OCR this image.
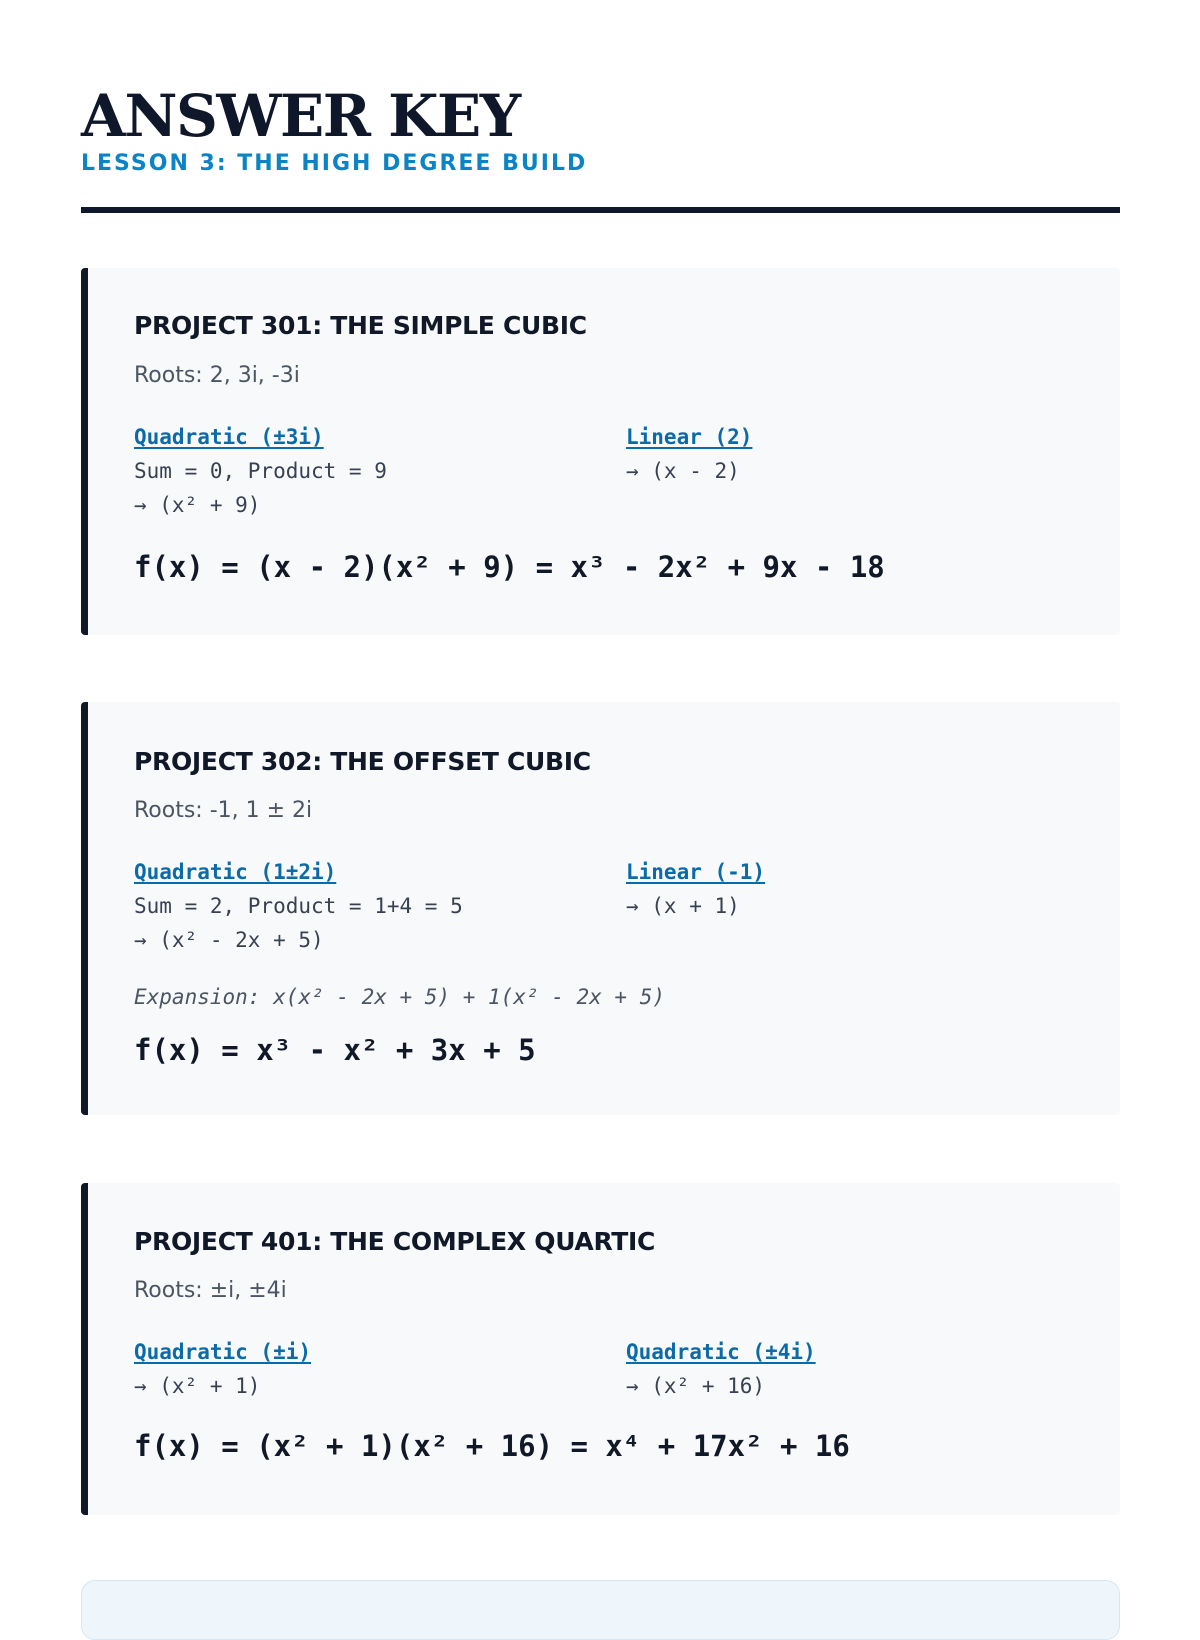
ANSWER KEY
LESSON 3: THE HIGH DEGREE BUILD
PROJECT 301: THE SIMPLE CUBIC
Roots: 2, 3i, -3i
Quadratic (±3i)
Sum = 0, Product = 9
→ (x² + 9)
Linear (2)
→ (x - 2)
f(x) = (x - 2)(x² + 9) = x³ - 2x² + 9x - 18
PROJECT 302: THE OFFSET CUBIC
Roots: -1, 1 ± 2i
Quadratic (1±2i)
Sum = 2, Product = 1+4 = 5
→ (x² - 2x + 5)
Linear (-1)
→ (x + 1)
Expansion: x(x² - 2x + 5) + 1(x² - 2x + 5)
f(x) = x³ - x² + 3x + 5
PROJECT 401: THE COMPLEX QUARTIC
Roots: ±i, ±4i
Quadratic (±i)
→ (x² + 1)
Quadratic (±4i)
→ (x² + 16)
f(x) = (x² + 1)(x² + 16) = x⁴ + 17x² + 16
